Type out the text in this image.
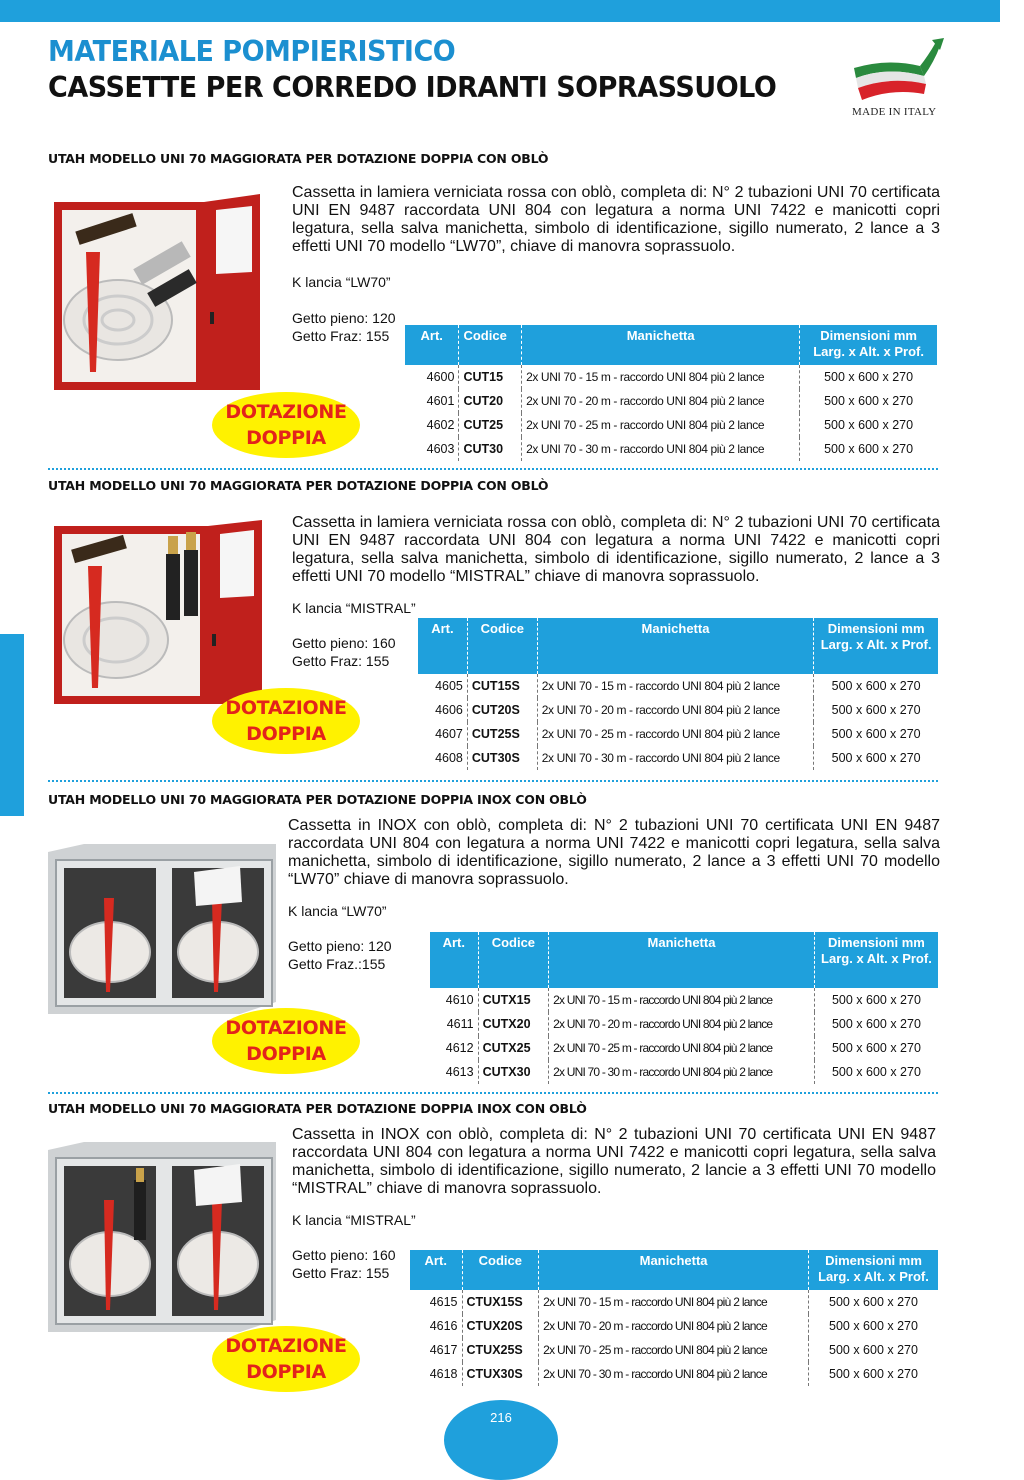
MATERIALE POMPIERISTICO
CASSETTE PER CORREDO IDRANTI SOPRASSUOLO
MADE IN ITALY
UTAH MODELLO UNI 70 MAGGIORATA PER DOTAZIONE DOPPIA CON OBLÒ
Cassetta in lamiera verniciata rossa con oblò, completa di: N° 2 tubazioni UNI 70 certificata UNI EN 9487 raccordata UNI 804 con legatura a norma UNI 7422 e manicotti copri legatura, sella salva manichetta, simbolo di identificazione, sigillo numerato, 2 lance a 3 effetti UNI 70 modello “LW70”, chiave di manovra soprassuolo.
K lancia “LW70”
Getto pieno: 120
Getto Fraz: 155
DOTAZIONE
DOPPIA
Art.	Codice	Manichetta	Dimensioni mm Larg. x Alt. x Prof.
4600	CUT15	2x UNI 70 - 15 m - raccordo UNI 804 più 2 lance	500 x 600 x 270
4601	CUT20	2x UNI 70 - 20 m - raccordo UNI 804 più 2 lance	500 x 600 x 270
4602	CUT25	2x UNI 70 - 25 m - raccordo UNI 804 più 2 lance	500 x 600 x 270
4603	CUT30	2x UNI 70 - 30 m - raccordo UNI 804 più 2 lance	500 x 600 x 270
UTAH MODELLO UNI 70 MAGGIORATA PER DOTAZIONE DOPPIA CON OBLÒ
Cassetta in lamiera verniciata rossa con oblò, completa di: N° 2 tubazioni UNI 70 certificata UNI EN 9487 raccordata UNI 804 con legatura a norma UNI 7422 e manicotti copri legatura, sella salva manichetta, simbolo di identificazione, sigillo numerato, 2 lance a 3 effetti UNI 70 modello “MISTRAL” chiave di manovra soprassuolo.
K lancia “MISTRAL”
Getto pieno: 160
Getto Fraz: 155
DOTAZIONE
DOPPIA
Art.	Codice	Manichetta	Dimensioni mm Larg. x Alt. x Prof.
4605	CUT15S	2x UNI 70 - 15 m - raccordo UNI 804 più 2 lance	500 x 600 x 270
4606	CUT20S	2x UNI 70 - 20 m - raccordo UNI 804 più 2 lance	500 x 600 x 270
4607	CUT25S	2x UNI 70 - 25 m - raccordo UNI 804 più 2 lance	500 x 600 x 270
4608	CUT30S	2x UNI 70 - 30 m - raccordo UNI 804 più 2 lance	500 x 600 x 270
UTAH MODELLO UNI 70 MAGGIORATA PER DOTAZIONE DOPPIA INOX CON OBLÒ
Cassetta in INOX con oblò, completa di: N° 2 tubazioni UNI 70 certificata UNI EN 9487 raccordata UNI 804 con legatura a norma UNI 7422 e manicotti copri legatura, sella salva manichetta, simbolo di identificazione, sigillo numerato, 2 lance a 3 effetti UNI 70 modello “LW70” chiave di manovra soprassuolo.
K lancia “LW70”
Getto pieno: 120
Getto Fraz.:155
DOTAZIONE
DOPPIA
Art.	Codice	Manichetta	Dimensioni mm Larg. x Alt. x Prof.
4610	CUTX15	2x UNI 70 - 15 m - raccordo UNI 804 più 2 lance	500 x 600 x 270
4611	CUTX20	2x UNI 70 - 20 m - raccordo UNI 804 più 2 lance	500 x 600 x 270
4612	CUTX25	2x UNI 70 - 25 m - raccordo UNI 804 più 2 lance	500 x 600 x 270
4613	CUTX30	2x UNI 70 - 30 m - raccordo UNI 804 più 2 lance	500 x 600 x 270
UTAH MODELLO UNI 70 MAGGIORATA PER DOTAZIONE DOPPIA INOX CON OBLÒ
Cassetta in INOX con oblò, completa di: N° 2 tubazioni UNI 70 certificata UNI EN 9487 raccordata UNI 804 con legatura a norma UNI 7422 e manicotti copri legatura, sella salva manichetta, simbolo di identificazione, sigillo numerato, 2 lancie a 3 effetti UNI 70 modello “MISTRAL” chiave di manovra soprassuolo.
K lancia “MISTRAL”
Getto pieno: 160
Getto Fraz: 155
DOTAZIONE
DOPPIA
Art.	Codice	Manichetta	Dimensioni mm Larg. x Alt. x Prof.
4615	CTUX15S	2x UNI 70 - 15 m - raccordo UNI 804 più 2 lance	500 x 600 x 270
4616	CTUX20S	2x UNI 70 - 20 m - raccordo UNI 804 più 2 lance	500 x 600 x 270
4617	CTUX25S	2x UNI 70 - 25 m - raccordo UNI 804 più 2 lance	500 x 600 x 270
4618	CTUX30S	2x UNI 70 - 30 m - raccordo UNI 804 più 2 lance	500 x 600 x 270
216
